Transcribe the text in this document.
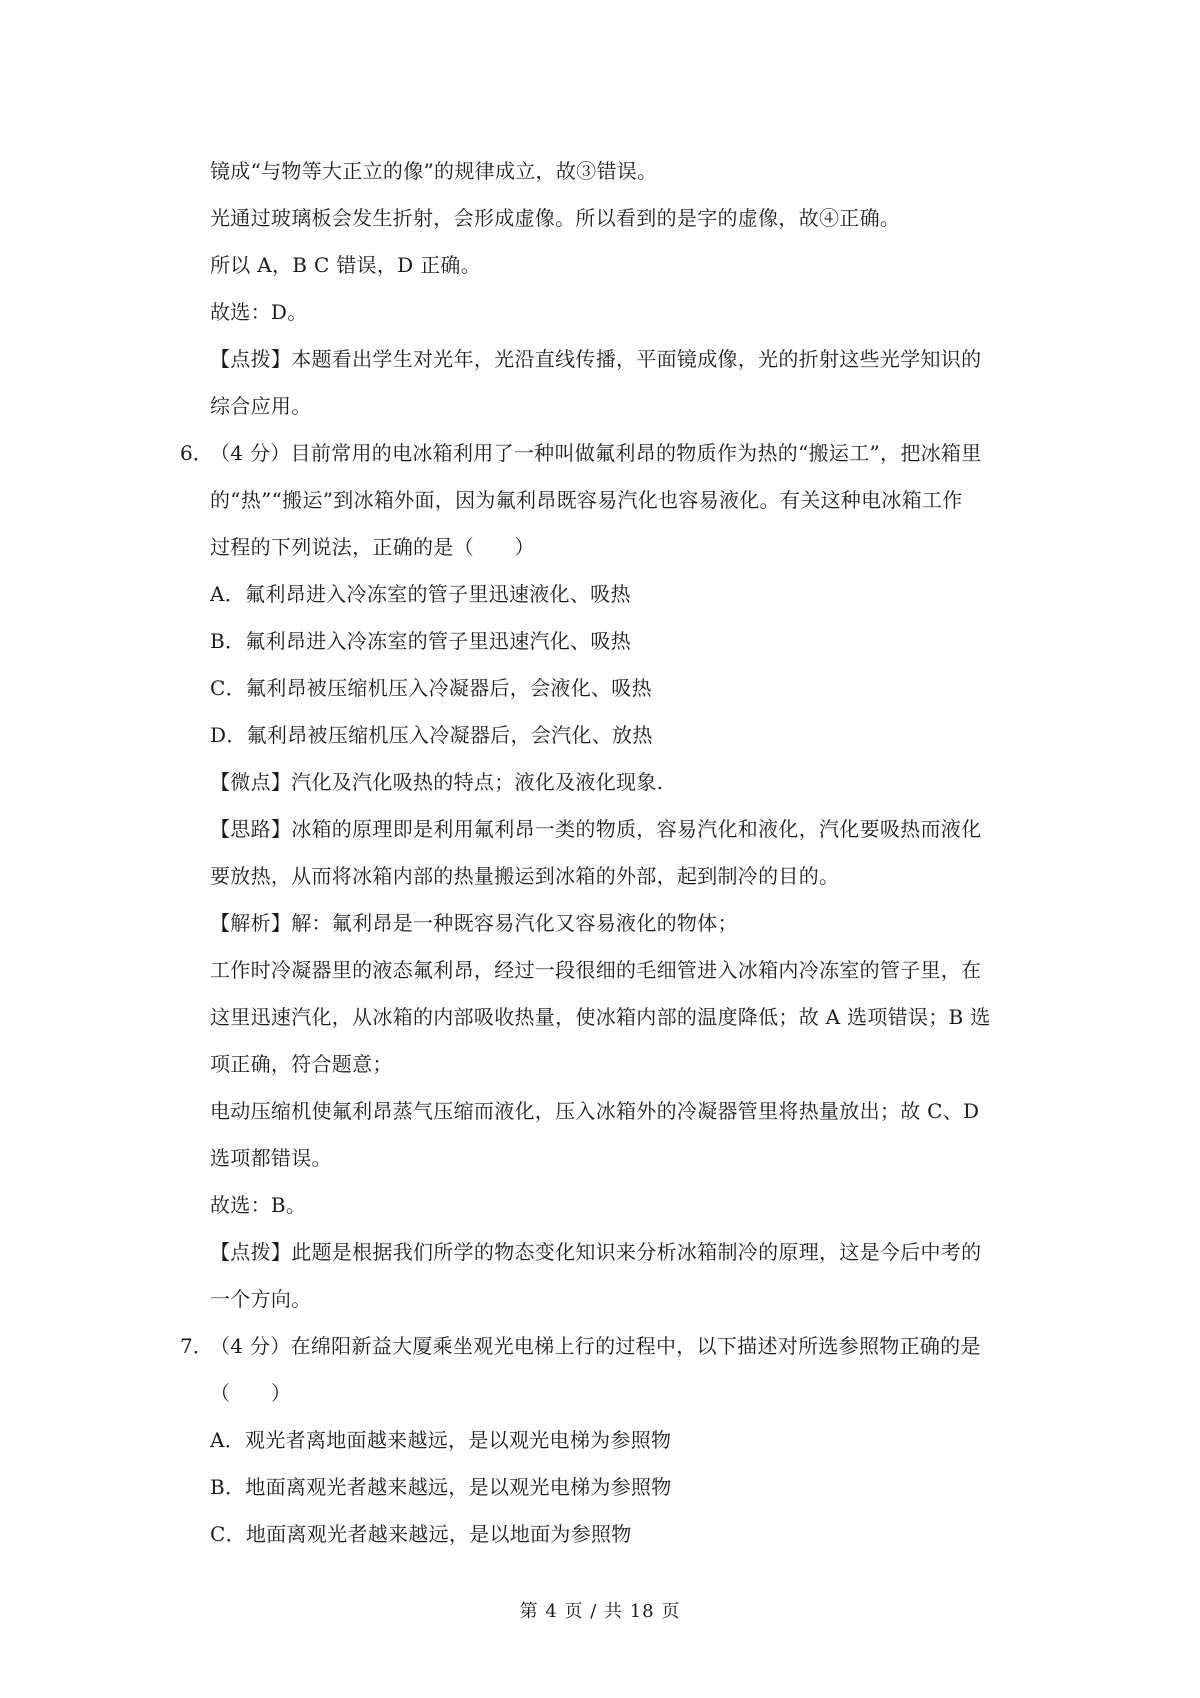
镜成“与物等大正立的像”的规律成立，故③错误。
光通过玻璃板会发生折射，会形成虚像。所以看到的是字的虚像，故④正确。
所以 A，B C 错误，D 正确。
故选：D。
【点拨】本题看出学生对光年，光沿直线传播，平面镜成像，光的折射这些光学知识的
综合应用。
6．
（4 分）目前常用的电冰箱利用了一种叫做氟利昂的物质作为热的“搬运工”，把冰箱里
的“热”“搬运”到冰箱外面，因为氟利昂既容易汽化也容易液化。有关这种电冰箱工作
过程的下列说法，正确的是（　　）
A．氟利昂进入冷冻室的管子里迅速液化、吸热
B．氟利昂进入冷冻室的管子里迅速汽化、吸热
C．氟利昂被压缩机压入冷凝器后，会液化、吸热
D．氟利昂被压缩机压入冷凝器后，会汽化、放热
【微点】汽化及汽化吸热的特点；液化及液化现象.
【思路】冰箱的原理即是利用氟利昂一类的物质，容易汽化和液化，汽化要吸热而液化
要放热，从而将冰箱内部的热量搬运到冰箱的外部，起到制冷的目的。
【解析】解：氟利昂是一种既容易汽化又容易液化的物体；
工作时冷凝器里的液态氟利昂，经过一段很细的毛细管进入冰箱内冷冻室的管子里，在
这里迅速汽化，从冰箱的内部吸收热量，使冰箱内部的温度降低；故 A 选项错误；B 选
项正确，符合题意；
电动压缩机使氟利昂蒸气压缩而液化，压入冰箱外的冷凝器管里将热量放出；故 C、D
选项都错误。
故选：B。
【点拨】此题是根据我们所学的物态变化知识来分析冰箱制冷的原理，这是今后中考的
一个方向。
7．
（4 分）在绵阳新益大厦乘坐观光电梯上行的过程中，以下描述对所选参照物正确的是
（　　）
A．观光者离地面越来越远，是以观光电梯为参照物
B．地面离观光者越来越远，是以观光电梯为参照物
C．地面离观光者越来越远，是以地面为参照物
第 4 页 / 共 18 页
